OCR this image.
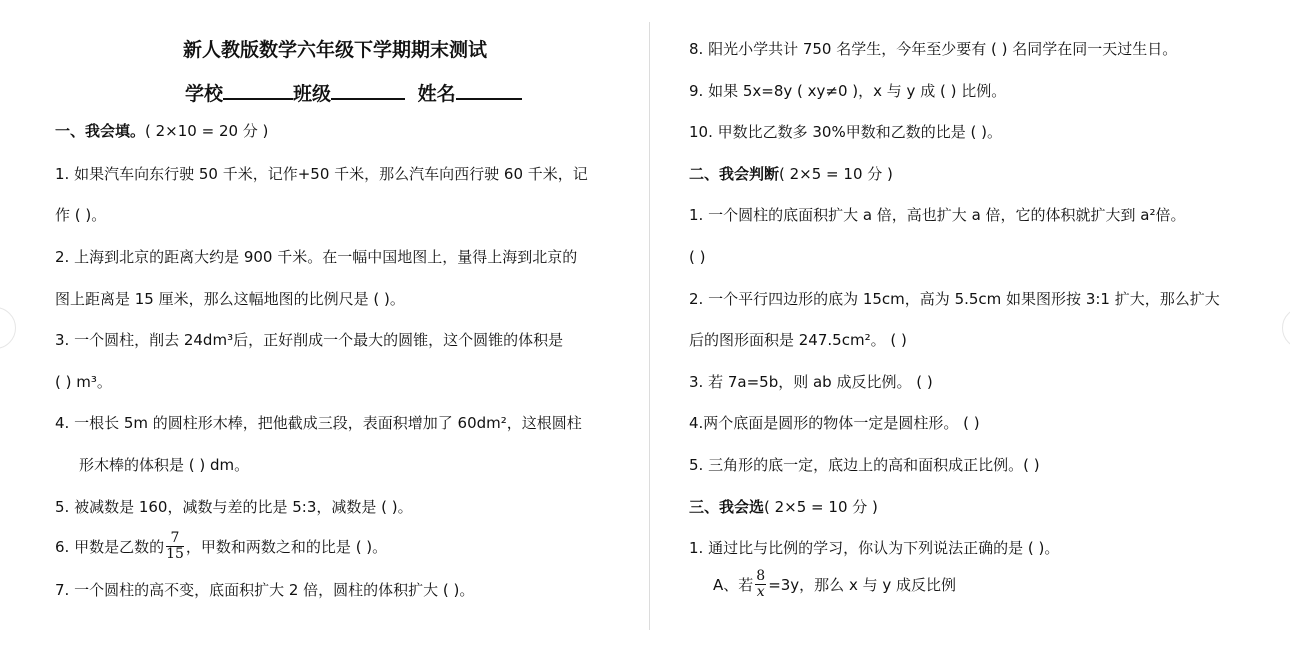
新人教版数学六年级下学期期末测试
学校	班级	姓名
一、我会填。( 2×10 = 20 分 )
1. 如果汽车向东行驶 50 千米，记作+50 千米，那么汽车向西行驶 60 千米，记
作 ( )。
2. 上海到北京的距离大约是 900 千米。在一幅中国地图上，量得上海到北京的
图上距离是 15 厘米，那么这幅地图的比例尺是 ( )。
3. 一个圆柱，削去 24dm³后，正好削成一个最大的圆锥，这个圆锥的体积是
( ) m³。
4. 一根长 5m 的圆柱形木棒，把他截成三段，表面积增加了 60dm²，这根圆柱
形木棒的体积是 ( ) dm。
5. 被减数是 160，减数与差的比是 5:3，减数是 ( )。
6. 甲数是乙数的 $\frac{7}{15}$ ，甲数和两数之和的比是 ( )。
7. 一个圆柱的高不变，底面积扩大 2 倍，圆柱的体积扩大 ( )。
8. 阳光小学共计 750 名学生，今年至少要有 ( ) 名同学在同一天过生日。
9. 如果 5x=8y ( xy≠0 )，x 与 y 成 ( ) 比例。
10. 甲数比乙数多 30%甲数和乙数的比是 ( )。
二、我会判断( 2×5 = 10 分 )
1. 一个圆柱的底面积扩大 a 倍，高也扩大 a 倍，它的体积就扩大到 a²倍。
( )
2. 一个平行四边形的底为 15cm，高为 5.5cm 如果图形按 3:1 扩大，那么扩大
后的图形面积是 247.5cm²。 ( )
3. 若 7a=5b，则 ab 成反比例。 ( )
4.两个底面是圆形的物体一定是圆柱形。 ( )
5. 三角形的底一定，底边上的高和面积成正比例。( )
三、我会选( 2×5 = 10 分 )
1. 通过比与比例的学习，你认为下列说法正确的是 ( )。
A、若 $\frac{8}{x} =3y$，那么 x 与 y 成反比例
